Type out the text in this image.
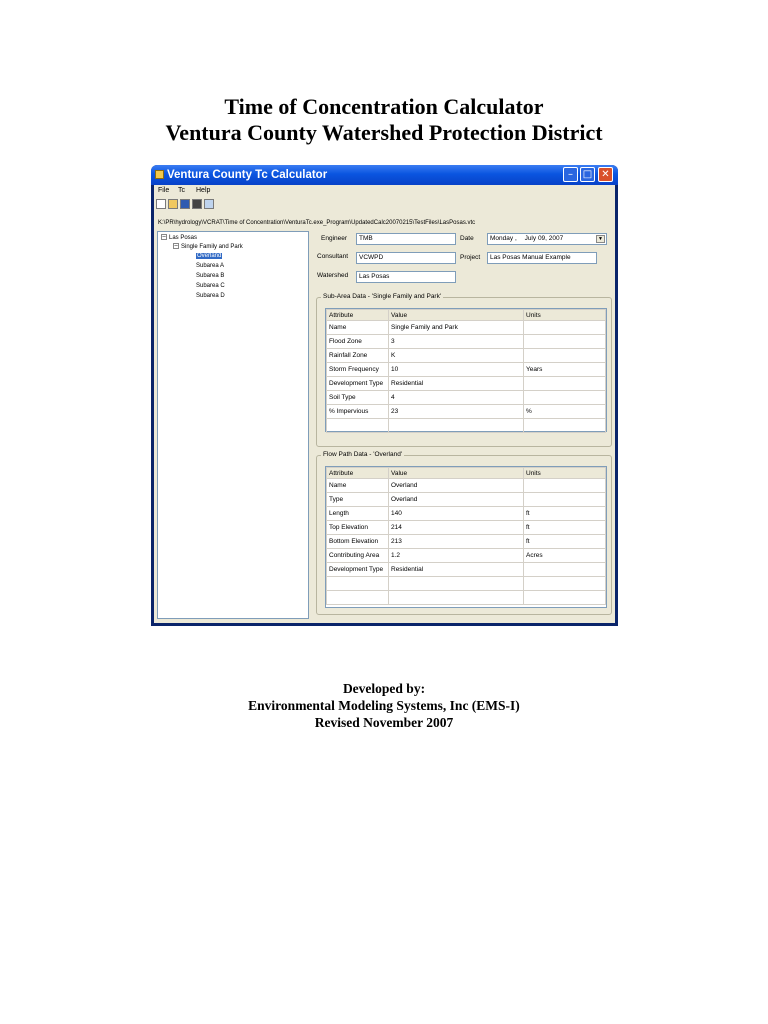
Time of Concentration Calculator
Ventura County Watershed Protection District
Ventura County Tc Calculator	– □ ✕
File Tc Help
K:\PR\hydrology\VCRAT\Time of Concentration\VenturaTc.exe_Program\UpdatedCalc20070215\TestFiles\LasPosas.vtc
– Las Posas
– Single Family and Park
Overland
Subarea A
Subarea B
Subarea C
Subarea D
Engineer	TMB	Date	Monday , July 09, 2007	▼
Consultant	VCWPD	Project	Las Posas Manual Example
Watershed	Las Posas
Sub-Area Data - 'Single Family and Park'
Attribute	Value	Units
Name	Single Family and Park	
Flood Zone	3	
Rainfall Zone	K	
Storm Frequency	10	Years
Development Type	Residential	
Soil Type	4	
% Impervious	23	%

Flow Path Data - 'Overland'
Attribute	Value	Units
Name	Overland	
Type	Overland	
Length	140	ft
Top Elevation	214	ft
Bottom Elevation	213	ft
Contributing Area	1.2	Acres
Development Type	Residential	

Developed by:
Environmental Modeling Systems, Inc (EMS-I)
Revised November 2007
